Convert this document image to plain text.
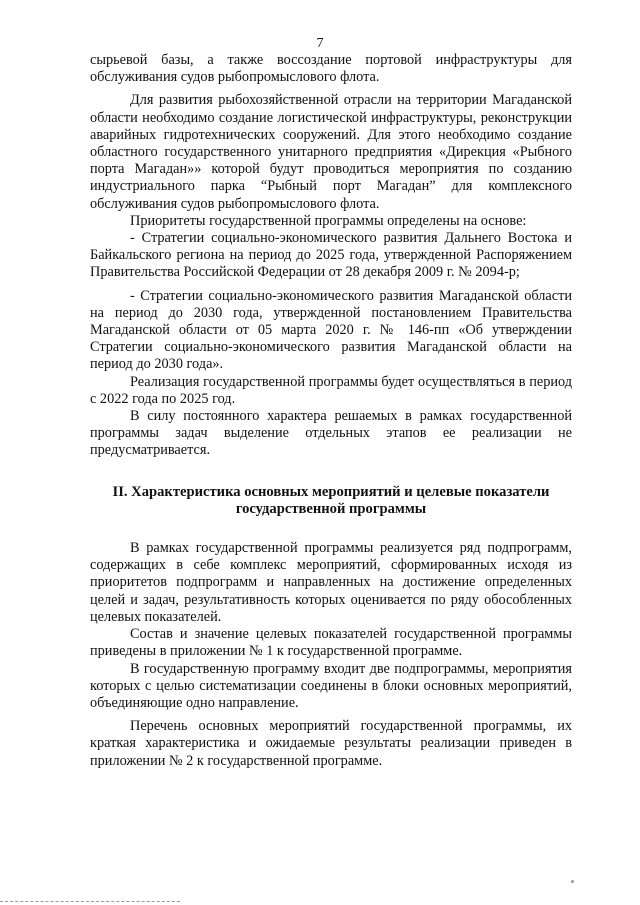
7

сырьевой базы, а также воссоздание портовой инфраструктуры для обслуживания судов рыбопромыслового флота.

Для развития рыбохозяйственной отрасли на территории Магаданской области необходимо создание логистической инфраструктуры, реконструкции аварийных гидротехнических сооружений. Для этого необходимо создание областного государственного унитарного предприятия «Дирекция «Рыбного порта Магадан»» которой будут проводиться мероприятия по созданию индустриального парка “Рыбный порт Магадан” для комплексного обслуживания судов рыбопромыслового флота.

Приоритеты государственной программы определены на основе:

- Стратегии социально-экономического развития Дальнего Востока и Байкальского региона на период до 2025 года, утвержденной Распоряжением Правительства Российской Федерации от 28 декабря 2009 г. № 2094-р;

- Стратегии социально-экономического развития Магаданской области на период до 2030 года, утвержденной постановлением Правительства Магаданской области от 05 марта 2020 г. № 146-пп «Об утверждении Стратегии социально-экономического развития Магаданской области на период до 2030 года».

Реализация государственной программы будет осуществляться в период с 2022 года по 2025 год.

В силу постоянного характера решаемых в рамках государственной программы задач выделение отдельных этапов ее реализации не предусматривается.

II. Характеристика основных мероприятий и целевые показатели государственной программы

В рамках государственной программы реализуется ряд подпрограмм, содержащих в себе комплекс мероприятий, сформированных исходя из приоритетов подпрограмм и направленных на достижение определенных целей и задач, результативность которых оценивается по ряду обособленных целевых показателей.

Состав и значение целевых показателей государственной программы приведены в приложении № 1 к государственной программе.

В государственную программу входит две подпрограммы, мероприятия которых с целью систематизации соединены в блоки основных мероприятий, объединяющие одно направление.

Перечень основных мероприятий государственной программы, их краткая характеристика и ожидаемые результаты реализации приведен в приложении № 2 к государственной программе.
